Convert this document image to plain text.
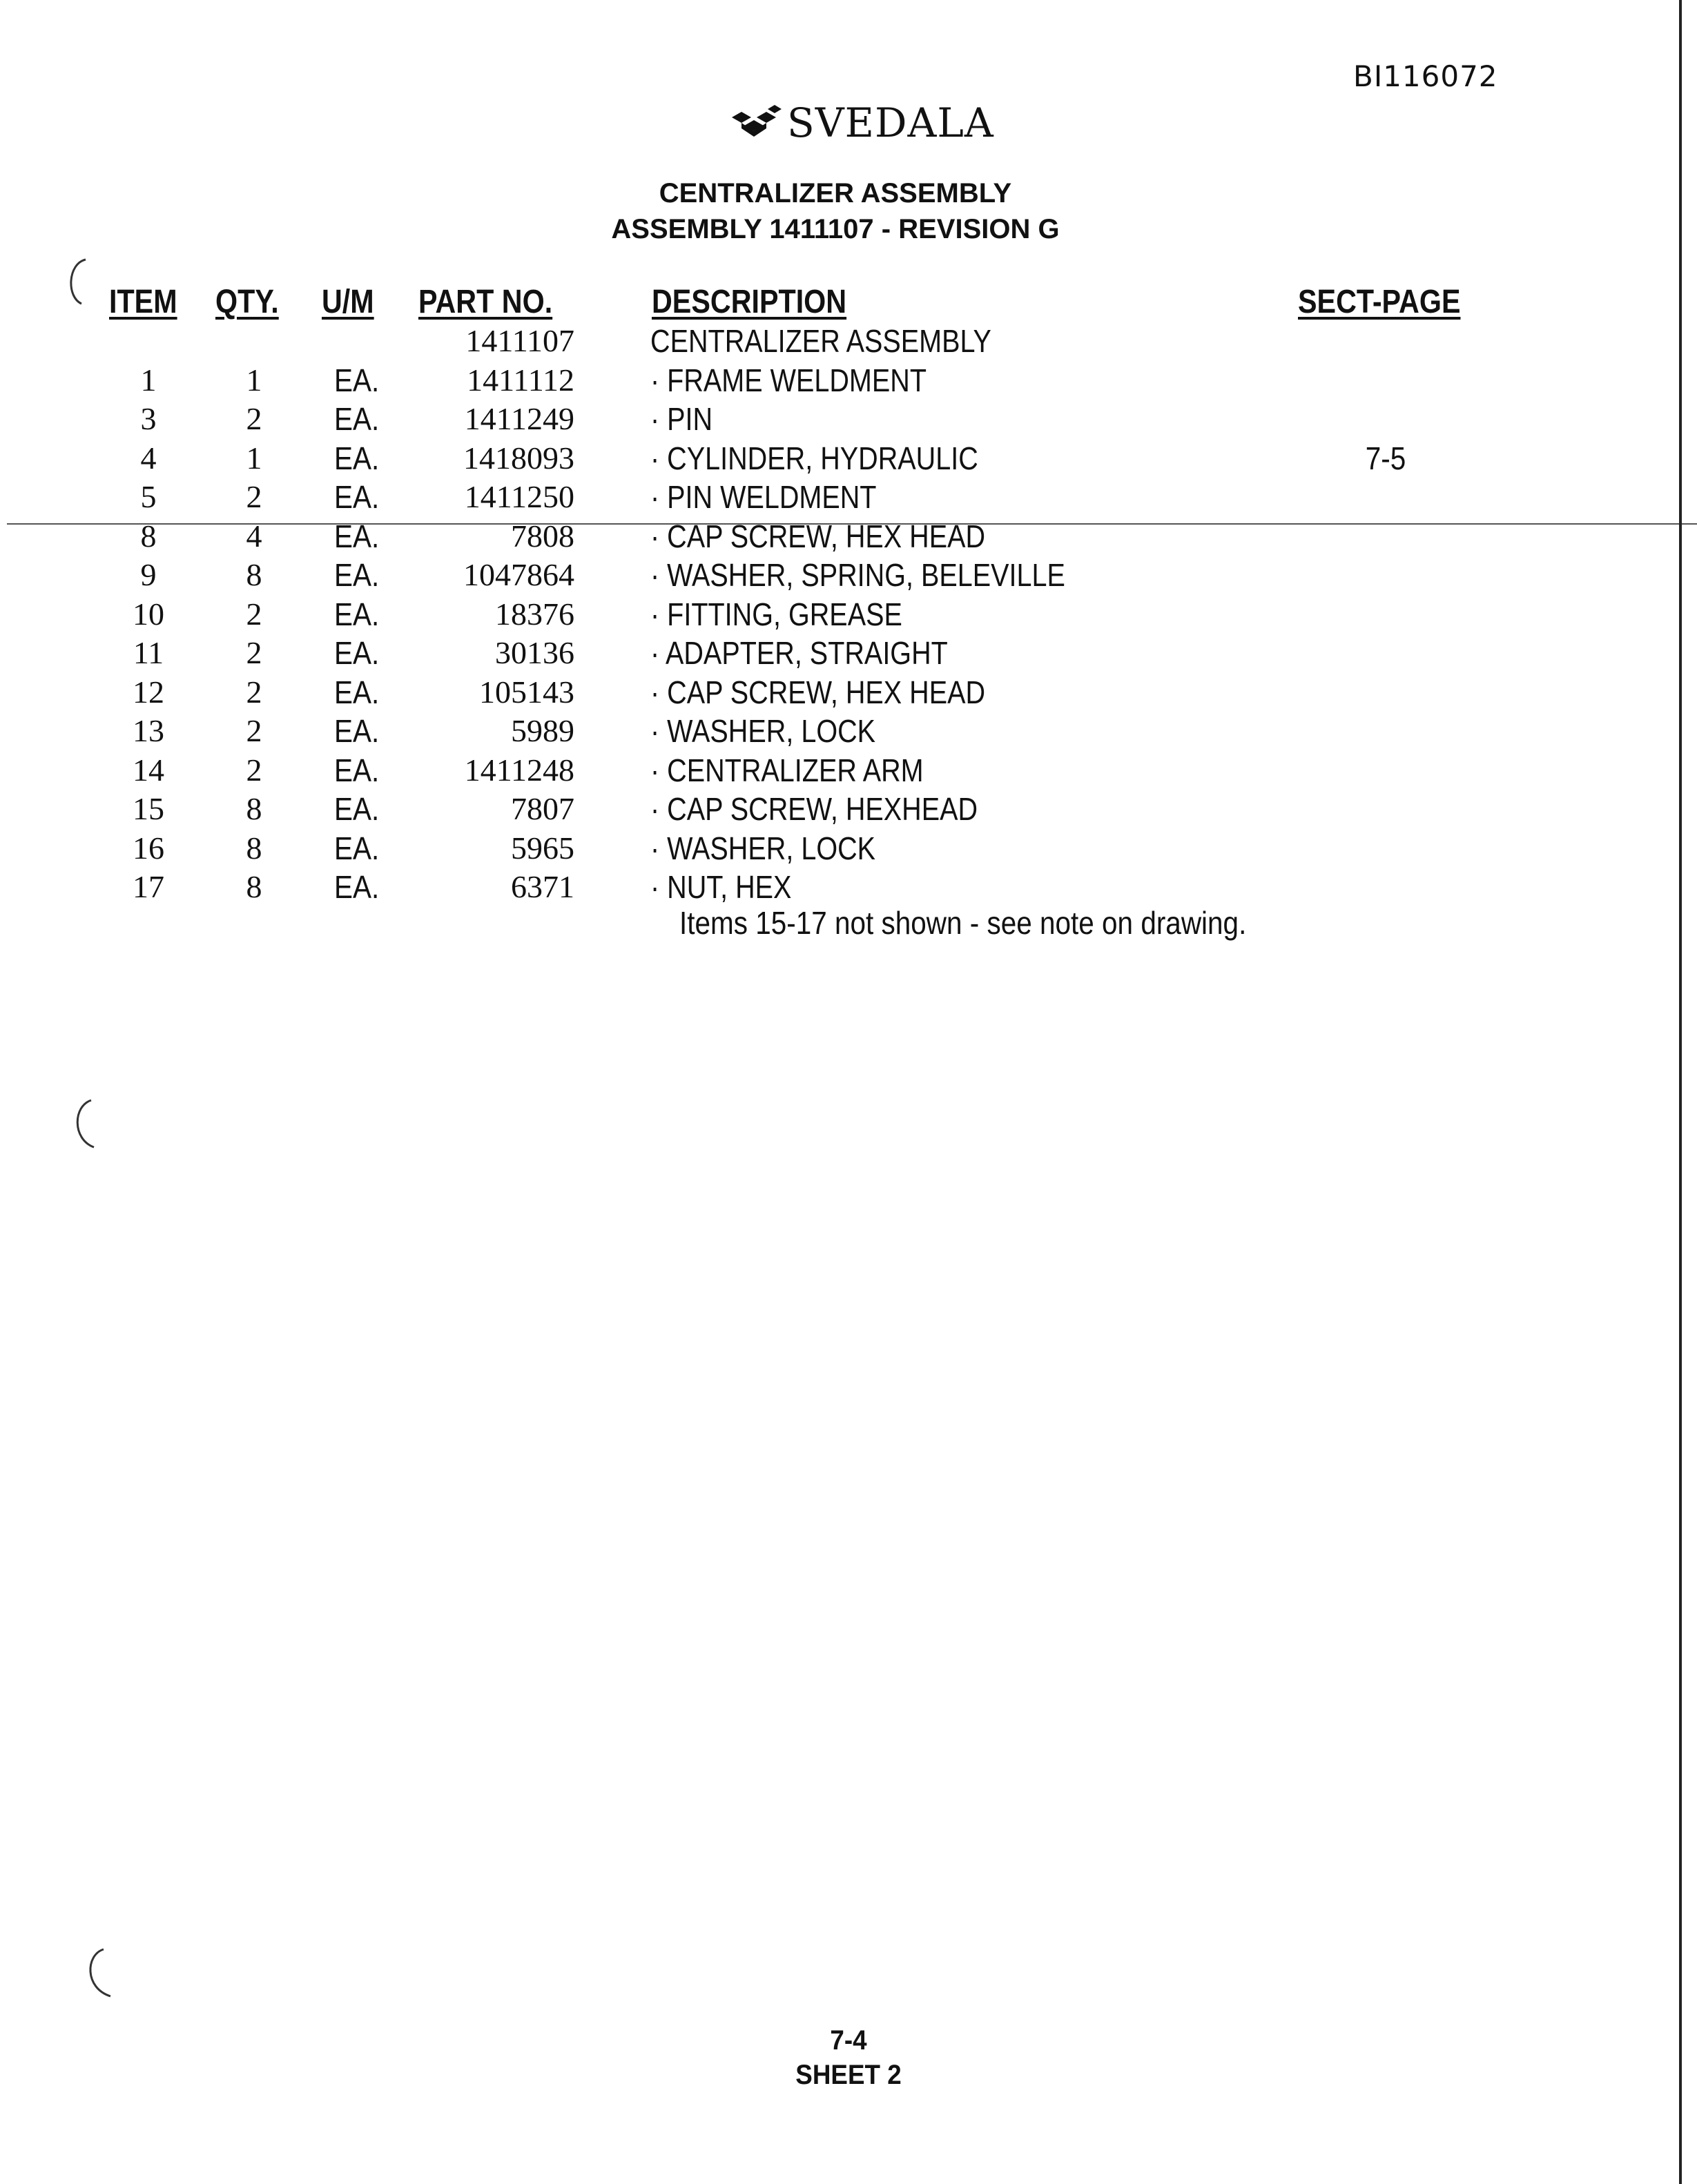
BI116072
SVEDALA
CENTRALIZER ASSEMBLY
ASSEMBLY 1411107 - REVISION G
ITEM QTY. U/M PART NO.	DESCRIPTION	SECT-PAGE
1411107 CENTRALIZER ASSEMBLY
1	1	EA.	1411112 · FRAME WELDMENT
3	2	EA.	1411249 · PIN
4	1	EA.	1418093 · CYLINDER, HYDRAULIC	7-5
5	2	EA.	1411250 · PIN WELDMENT
8	4	EA.	7808 · CAP SCREW, HEX HEAD
9	8	EA.	1047864 · WASHER, SPRING, BELEVILLE
10	2	EA.	18376 · FITTING, GREASE
11	2	EA.	30136 · ADAPTER, STRAIGHT
12	2	EA.	105143 · CAP SCREW, HEX HEAD
13	2	EA.	5989 · WASHER, LOCK
14	2	EA.	1411248 · CENTRALIZER ARM
15	8	EA.	7807 · CAP SCREW, HEXHEAD
16	8	EA.	5965 · WASHER, LOCK
17	8	EA.	6371 · NUT, HEX
Items 15-17 not shown - see note on drawing.
7-4
SHEET 2
